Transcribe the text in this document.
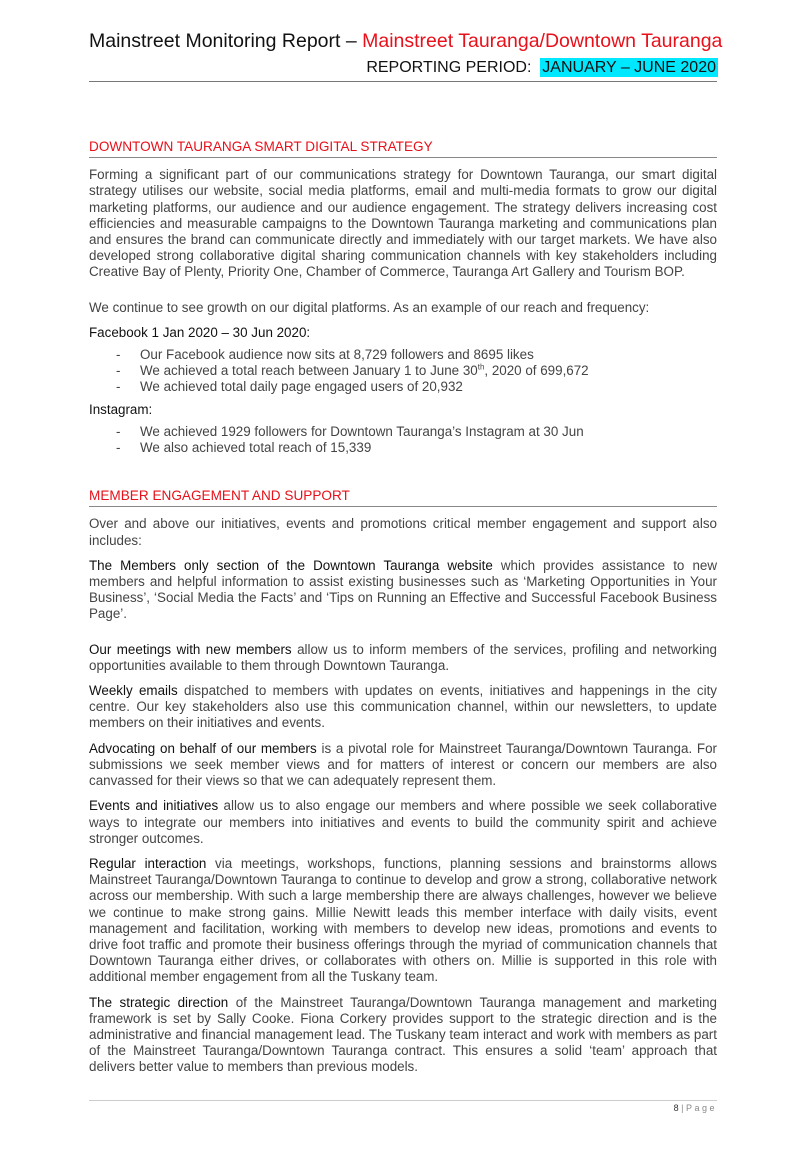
Mainstreet Monitoring Report – Mainstreet Tauranga/Downtown Tauranga
REPORTING PERIOD: JANUARY – JUNE 2020
DOWNTOWN TAURANGA SMART DIGITAL STRATEGY

Forming a significant part of our communications strategy for Downtown Tauranga, our smart digital strategy utilises our website, social media platforms, email and multi-media formats to grow our digital marketing platforms, our audience and our audience engagement. The strategy delivers increasing cost efficiencies and measurable campaigns to the Downtown Tauranga marketing and communications plan and ensures the brand can communicate directly and immediately with our target markets. We have also developed strong collaborative digital sharing communication channels with key stakeholders including Creative Bay of Plenty, Priority One, Chamber of Commerce, Tauranga Art Gallery and Tourism BOP.

We continue to see growth on our digital platforms. As an example of our reach and frequency:

Facebook 1 Jan 2020 – 30 Jun 2020:
- Our Facebook audience now sits at 8,729 followers and 8695 likes
- We achieved a total reach between January 1 to June 30th, 2020 of 699,672
- We achieved total daily page engaged users of 20,932
Instagram:
- We achieved 1929 followers for Downtown Tauranga’s Instagram at 30 Jun
- We also achieved total reach of 15,339
MEMBER ENGAGEMENT AND SUPPORT

Over and above our initiatives, events and promotions critical member engagement and support also includes:

The Members only section of the Downtown Tauranga website which provides assistance to new members and helpful information to assist existing businesses such as ‘Marketing Opportunities in Your Business’, ‘Social Media the Facts’ and ‘Tips on Running an Effective and Successful Facebook Business Page’.

Our meetings with new members allow us to inform members of the services, profiling and networking opportunities available to them through Downtown Tauranga.

Weekly emails dispatched to members with updates on events, initiatives and happenings in the city centre. Our key stakeholders also use this communication channel, within our newsletters, to update members on their initiatives and events.

Advocating on behalf of our members is a pivotal role for Mainstreet Tauranga/Downtown Tauranga. For submissions we seek member views and for matters of interest or concern our members are also canvassed for their views so that we can adequately represent them.

Events and initiatives allow us to also engage our members and where possible we seek collaborative ways to integrate our members into initiatives and events to build the community spirit and achieve stronger outcomes.

Regular interaction via meetings, workshops, functions, planning sessions and brainstorms allows Mainstreet Tauranga/Downtown Tauranga to continue to develop and grow a strong, collaborative network across our membership. With such a large membership there are always challenges, however we believe we continue to make strong gains. Millie Newitt leads this member interface with daily visits, event management and facilitation, working with members to develop new ideas, promotions and events to drive foot traffic and promote their business offerings through the myriad of communication channels that Downtown Tauranga either drives, or collaborates with others on. Millie is supported in this role with additional member engagement from all the Tuskany team.

The strategic direction of the Mainstreet Tauranga/Downtown Tauranga management and marketing framework is set by Sally Cooke. Fiona Corkery provides support to the strategic direction and is the administrative and financial management lead. The Tuskany team interact and work with members as part of the Mainstreet Tauranga/Downtown Tauranga contract. This ensures a solid ‘team’ approach that delivers better value to members than previous models.

8 | Page
